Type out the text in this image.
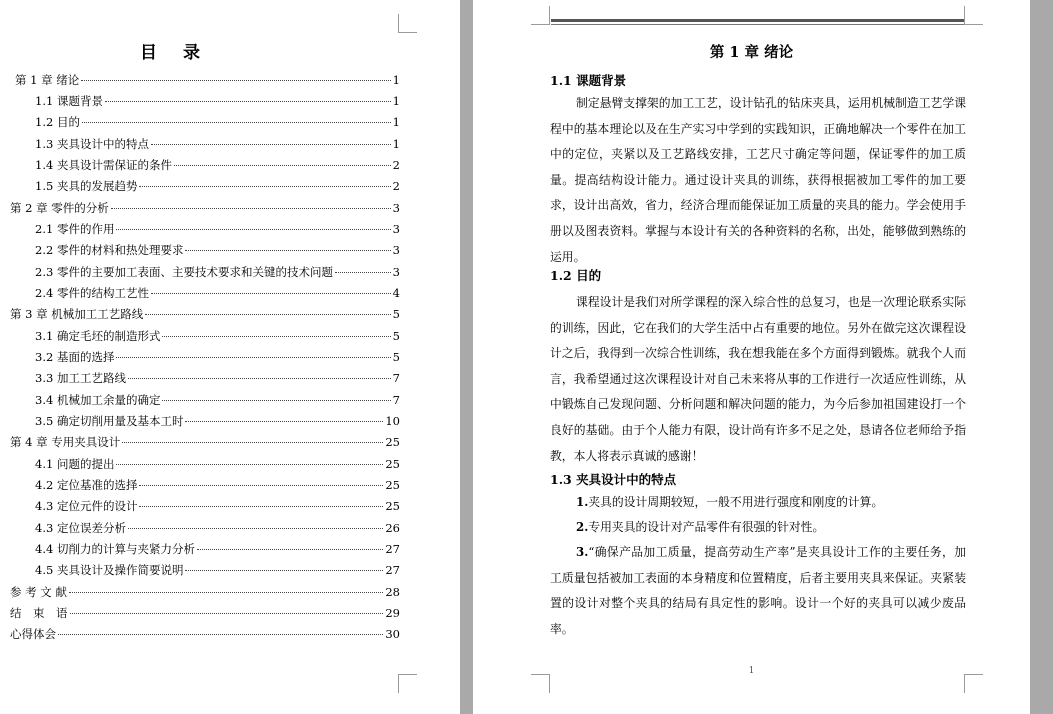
目 录
第 1 章 绪论	1
1.1 课题背景	1
1.2 目的	1
1.3 夹具设计中的特点	1
1.4 夹具设计需保证的条件	2
1.5 夹具的发展趋势	2
第 2 章 零件的分析	3
2.1 零件的作用	3
2.2 零件的材料和热处理要求	3
2.3 零件的主要加工表面、主要技术要求和关键的技术问题	3
2.4 零件的结构工艺性	4
第 3 章 机械加工工艺路线	5
3.1 确定毛坯的制造形式	5
3.2 基面的选择	5
3.3 加工工艺路线	7
3.4 机械加工余量的确定	7
3.5 确定切削用量及基本工时	10
第 4 章 专用夹具设计	25
4.1 问题的提出	25
4.2 定位基准的选择	25
4.3 定位元件的设计	25
4.3 定位误差分析	26
4.4 切削力的计算与夹紧力分析	27
4.5 夹具设计及操作简要说明	27
参 考 文 献	28
结　束　语	29
心得体会	30
第 1 章 绪论
1.1 课题背景

制定悬臂支撑架的加工工艺，设计钻孔的钻床夹具，运用机械制造工艺学课程中的基本理论以及在生产实习中学到的实践知识，正确地解决一个零件在加工中的定位，夹紧以及工艺路线安排，工艺尺寸确定等问题，保证零件的加工质量。提高结构设计能力。通过设计夹具的训练，获得根据被加工零件的加工要求，设计出高效，省力，经济合理而能保证加工质量的夹具的能力。学会使用手册以及图表资料。掌握与本设计有关的各种资料的名称，出处，能够做到熟练的运用。

1.2 目的

课程设计是我们对所学课程的深入综合性的总复习，也是一次理论联系实际的训练，因此，它在我们的大学生活中占有重要的地位。另外在做完这次课程设计之后，我得到一次综合性训练，我在想我能在多个方面得到锻炼。就我个人而言，我希望通过这次课程设计对自己未来将从事的工作进行一次适应性训练，从中锻炼自己发现问题、分析问题和解决问题的能力，为今后参加祖国建设打一个良好的基础。由于个人能力有限，设计尚有许多不足之处，恳请各位老师给予指教，本人将表示真诚的感谢！

1.3 夹具设计中的特点

1.夹具的设计周期较短，一般不用进行强度和刚度的计算。

2.专用夹具的设计对产品零件有很强的针对性。

3.“确保产品加工质量，提高劳动生产率”是夹具设计工作的主要任务，加工质量包括被加工表面的本身精度和位置精度，后者主要用夹具来保证。夹紧装置的设计对整个夹具的结局有具定性的影响。设计一个好的夹具可以减少废品率。

1
